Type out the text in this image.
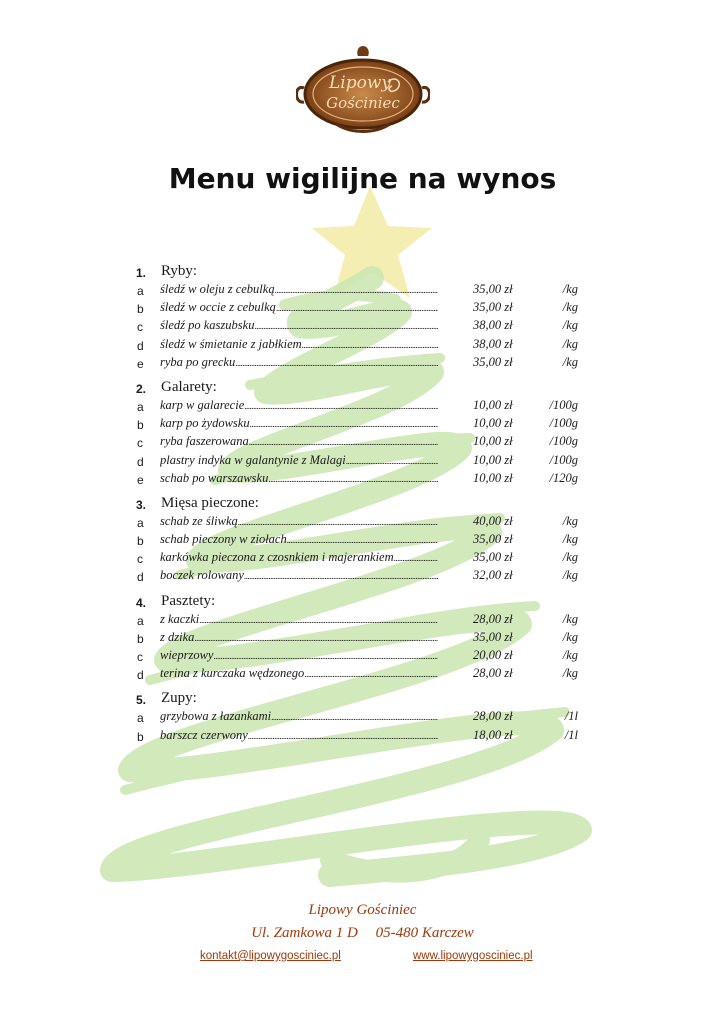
Lipowy
Gościniec
Menu wigilijne na wynos
1. Ryby:
a śledź w oleju z cebulką .....	35,00 zł	/kg
b śledź w occie z cebulką .....	35,00 zł	/kg
c śledź po kaszubsku .....	38,00 zł	/kg
d śledź w śmietanie z jabłkiem .....	38,00 zł	/kg
e ryba po grecku .....	35,00 zł	/kg
2. Galarety:
a karp w galarecie .....	10,00 zł	/100g
b karp po żydowsku .....	10,00 zł	/100g
c ryba faszerowana .....	10,00 zł	/100g
d plastry indyka w galantynie z Malagi .....	10,00 zł	/100g
e schab po warszawsku .....	10,00 zł	/120g
3. Mięsa pieczone:
a schab ze śliwką .....	40,00 zł	/kg
b schab pieczony w ziołach .....	35,00 zł	/kg
c karkówka pieczona z czosnkiem i majerankiem .....	35,00 zł	/kg
d boczek rolowany .....	32,00 zł	/kg
4. Pasztety:
a z kaczki .....	28,00 zł	/kg
b z dzika .....	35,00 zł	/kg
c wieprzowy .....	20,00 zł	/kg
d terina z kurczaka wędzonego .....	28,00 zł	/kg
5. Zupy:
a grzybowa z łazankami .....	28,00 zł	/1l
b barszcz czerwony .....	18,00 zł	/1l
Lipowy Gościniec
Ul. Zamkowa 1 D 05-480 Karczew
kontakt@lipowygosciniec.pl	www.lipowygosciniec.pl
